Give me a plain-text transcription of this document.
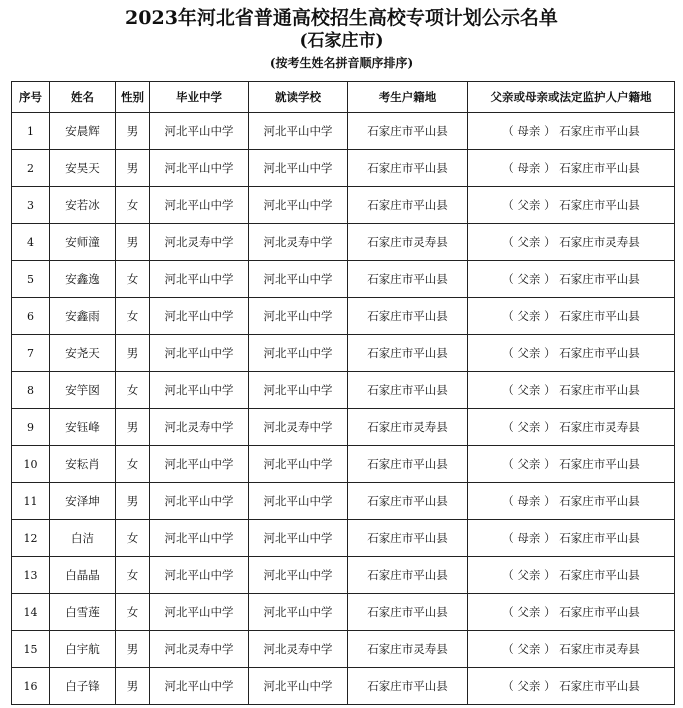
2023年河北省普通高校招生高校专项计划公示名单
(石家庄市)
(按考生姓名拼音顺序排序)
序号	姓名	性别	毕业中学	就读学校	考生户籍地	父亲或母亲或法定监护人户籍地
1	安晨辉	男	河北平山中学	河北平山中学	石家庄市平山县	（ 母亲 ） 石家庄市平山县
2	安昊天	男	河北平山中学	河北平山中学	石家庄市平山县	（ 母亲 ） 石家庄市平山县
3	安若冰	女	河北平山中学	河北平山中学	石家庄市平山县	（ 父亲 ） 石家庄市平山县
4	安师潼	男	河北灵寿中学	河北灵寿中学	石家庄市灵寿县	（ 父亲 ） 石家庄市灵寿县
5	安鑫逸	女	河北平山中学	河北平山中学	石家庄市平山县	（ 父亲 ） 石家庄市平山县
6	安鑫雨	女	河北平山中学	河北平山中学	石家庄市平山县	（ 父亲 ） 石家庄市平山县
7	安尧天	男	河北平山中学	河北平山中学	石家庄市平山县	（ 父亲 ） 石家庄市平山县
8	安竽囡	女	河北平山中学	河北平山中学	石家庄市平山县	（ 父亲 ） 石家庄市平山县
9	安钰峰	男	河北灵寿中学	河北灵寿中学	石家庄市灵寿县	（ 父亲 ） 石家庄市灵寿县
10	安耘肖	女	河北平山中学	河北平山中学	石家庄市平山县	（ 父亲 ） 石家庄市平山县
11	安泽坤	男	河北平山中学	河北平山中学	石家庄市平山县	（ 母亲 ） 石家庄市平山县
12	白洁	女	河北平山中学	河北平山中学	石家庄市平山县	（ 母亲 ） 石家庄市平山县
13	白晶晶	女	河北平山中学	河北平山中学	石家庄市平山县	（ 父亲 ） 石家庄市平山县
14	白雪莲	女	河北平山中学	河北平山中学	石家庄市平山县	（ 父亲 ） 石家庄市平山县
15	白宇航	男	河北灵寿中学	河北灵寿中学	石家庄市灵寿县	（ 父亲 ） 石家庄市灵寿县
16	白子锋	男	河北平山中学	河北平山中学	石家庄市平山县	（ 父亲 ） 石家庄市平山县
